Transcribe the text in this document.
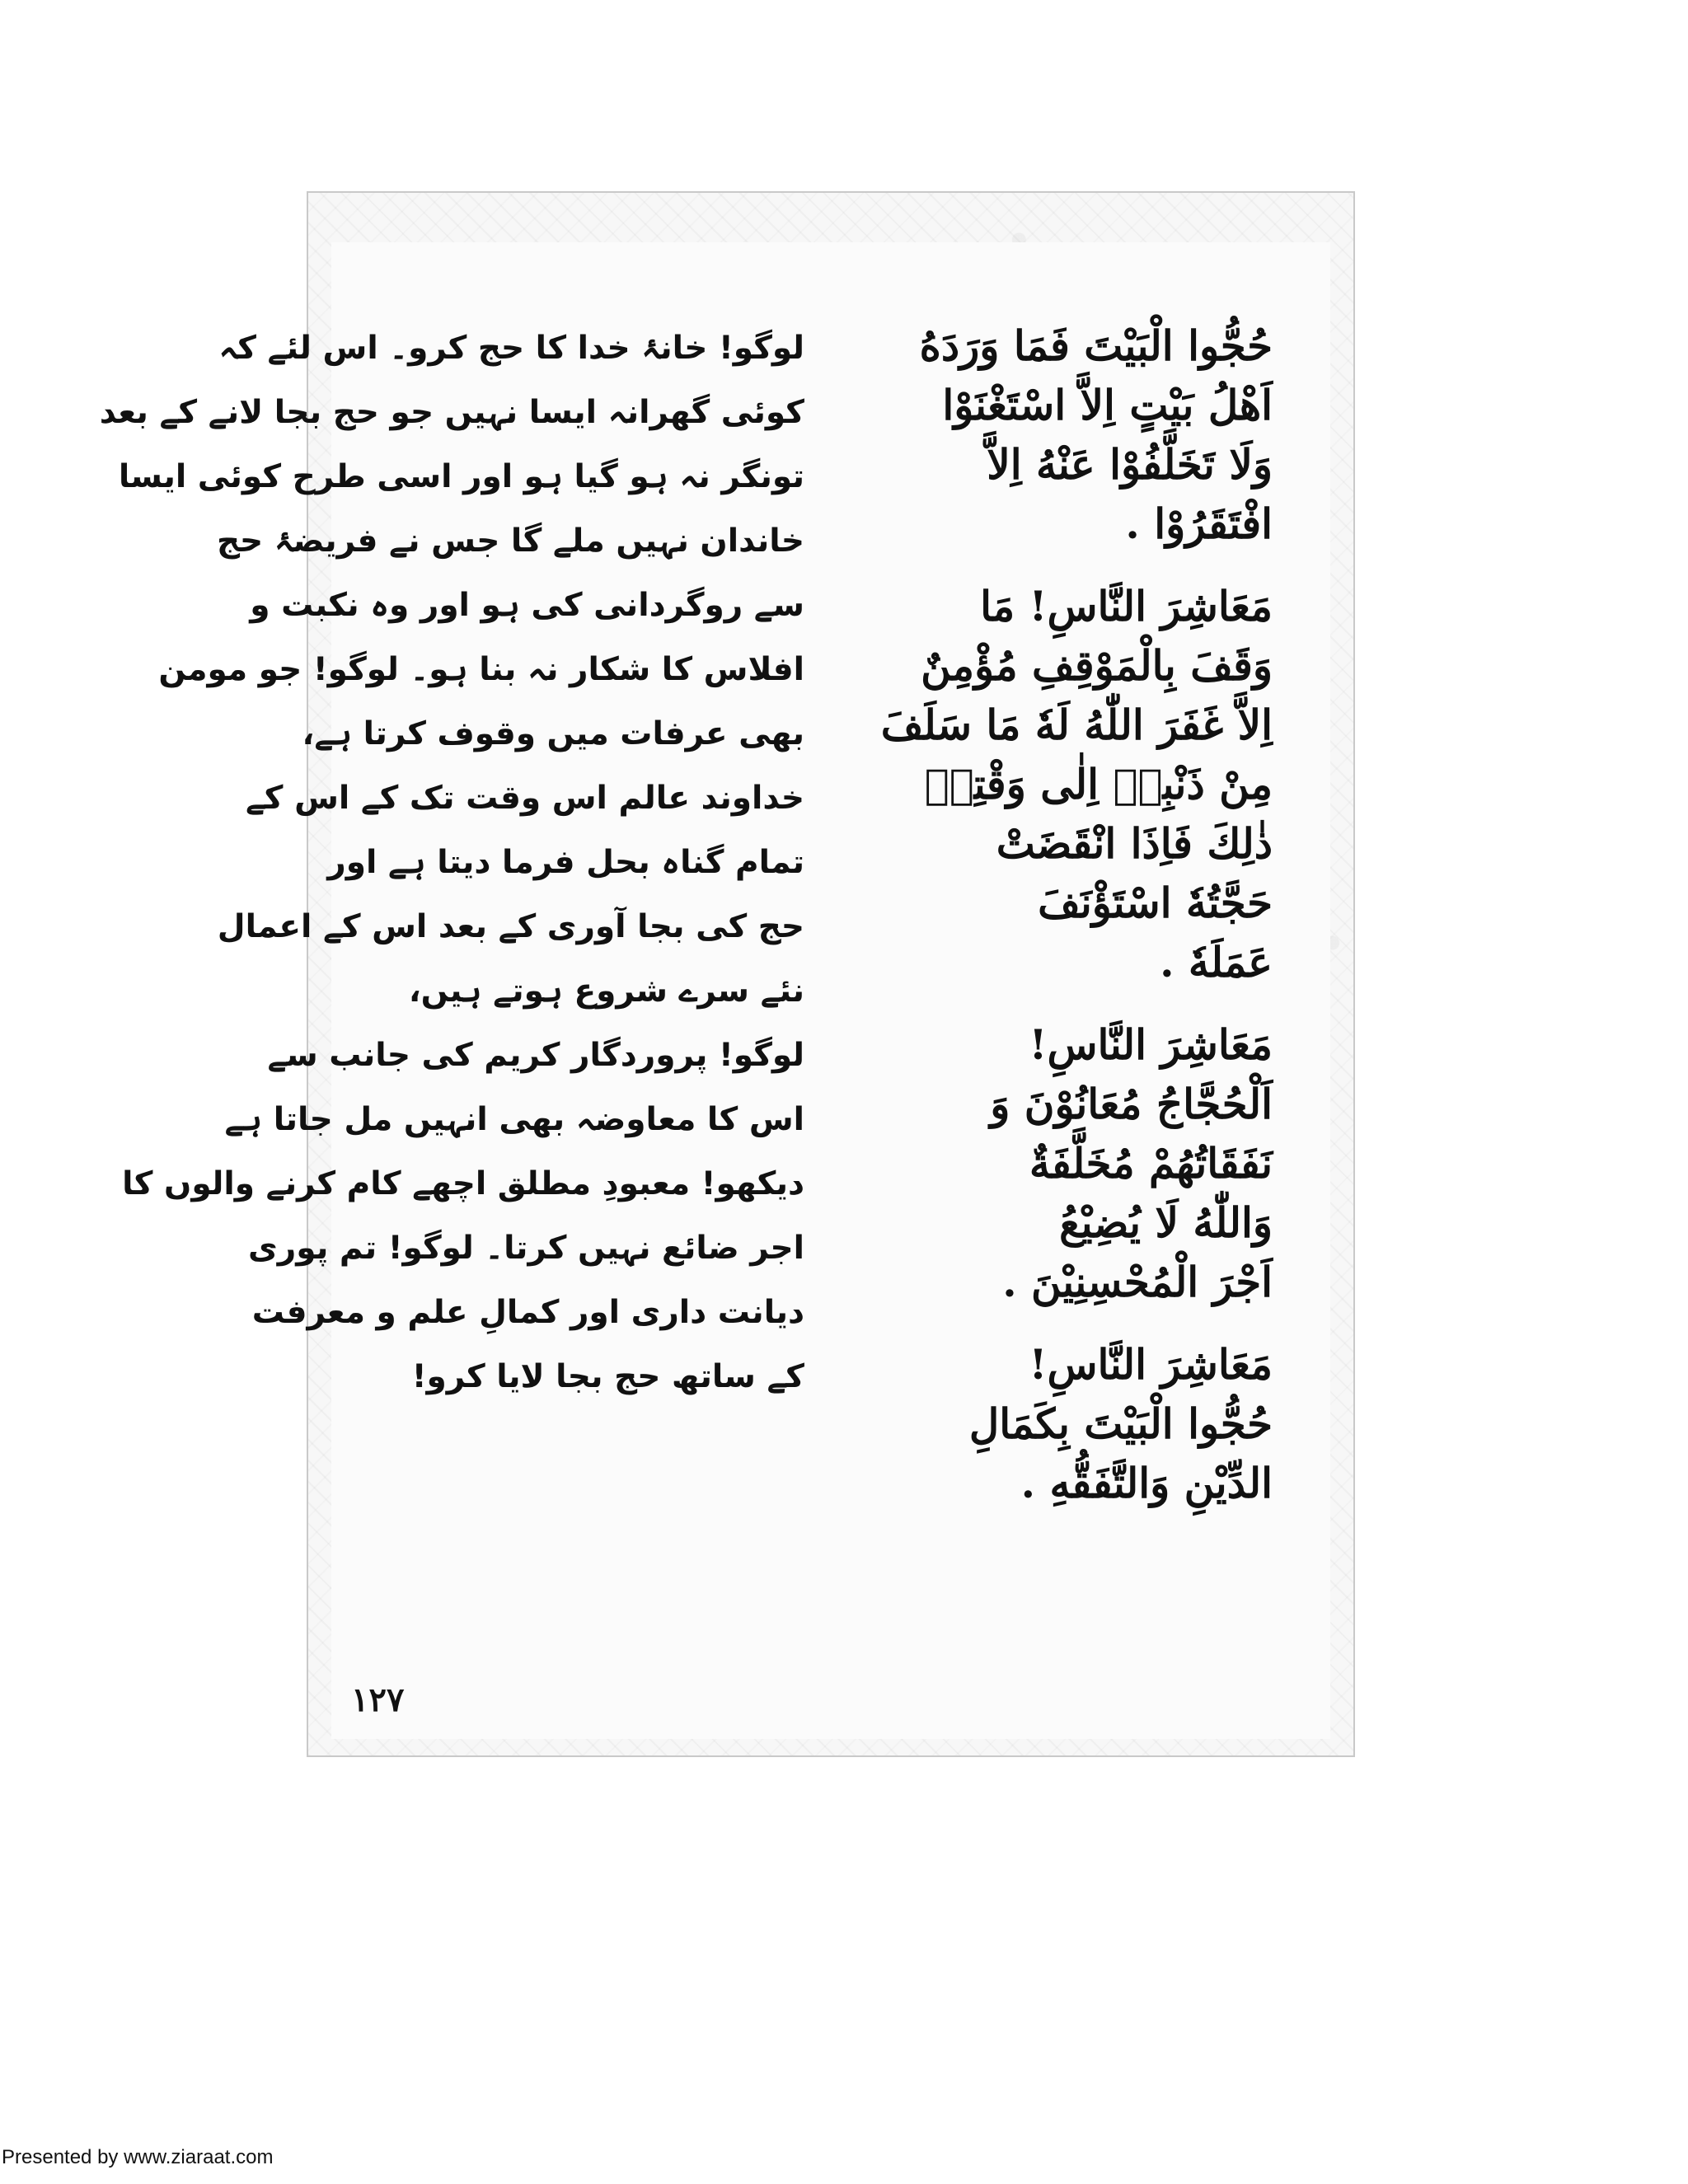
حُجُّوا الْبَيْتَ فَمَا وَرَدَهُ
اَهْلُ بَيْتٍ اِلاَّ اسْتَغْنَوْا
وَلَا تَخَلَّفُوْا عَنْهُ اِلاَّ
افْتَقَرُوْا .
مَعَاشِرَ النَّاسِ! مَا
وَقَفَ بِالْمَوْقِفِ مُؤْمِنٌ
اِلاَّ غَفَرَ اللّٰهُ لَهٗ مَا سَلَفَ
مِنْ ذَنْبِهٖ اِلٰى وَقْتِهٖ
ذٰلِكَ فَاِذَا انْقَضَتْ
حَجَّتُهٗ اسْتَؤْنَفَ
عَمَلَهٗ .
مَعَاشِرَ النَّاسِ!
اَلْحُجَّاجُ مُعَانُوْنَ وَ
نَفَقَاتُهُمْ مُخَلَّفَةٌ
وَاللّٰهُ لَا يُضِيْعُ
اَجْرَ الْمُحْسِنِيْنَ .
مَعَاشِرَ النَّاسِ!
حُجُّوا الْبَيْتَ بِكَمَالِ
الدِّيْنِ وَالتَّفَقُّهِ .
لوگو! خانۂ خدا کا حج کرو۔ اس لئے کہ
کوئی گھرانہ ایسا نہیں جو حج بجا لانے کے بعد
تونگر نہ ہو گیا ہو اور اسی طرح کوئی ایسا
خاندان نہیں ملے گا جس نے فریضۂ حج
سے روگردانی کی ہو اور وہ نکبت و
افلاس کا شکار نہ بنا ہو۔ لوگو! جو مومن
بھی عرفات میں وقوف کرتا ہے،
خداوند عالم اس وقت تک کے اس کے
تمام گناہ بحل فرما دیتا ہے اور
حج کی بجا آوری کے بعد اس کے اعمال
نئے سرے شروع ہوتے ہیں،
لوگو! پروردگار کریم کی جانب سے
اس کا معاوضہ بھی انہیں مل جاتا ہے
دیکھو! معبودِ مطلق اچھے کام کرنے والوں کا
اجر ضائع نہیں کرتا۔ لوگو! تم پوری
دیانت داری اور کمالِ علم و معرفت
کے ساتھ حج بجا لایا کرو!
١٢٧
Presented by www.ziaraat.com
